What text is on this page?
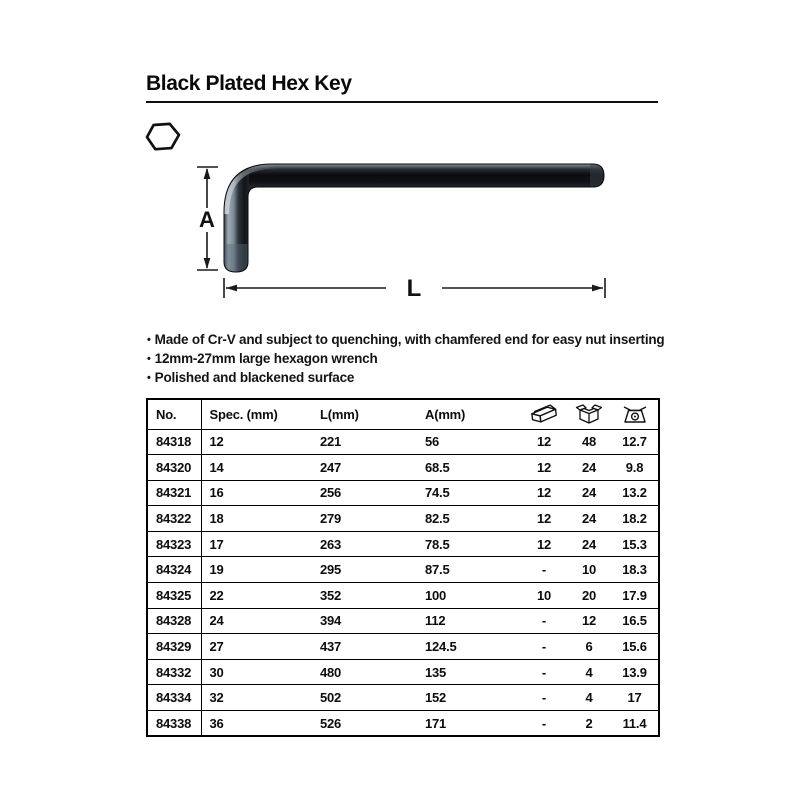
Black Plated Hex Key
A
L
• Made of Cr-V and subject to quenching, with chamfered end for easy nut inserting
• 12mm-27mm large hexagon wrench
• Polished and blackened surface
No.	Spec. (mm)	L(mm)	A(mm)	

84318	12	221	56	12	48	12.7
84320	14	247	68.5	12	24	9.8
84321	16	256	74.5	12	24	13.2
84322	18	279	82.5	12	24	18.2
84323	17	263	78.5	12	24	15.3
84324	19	295	87.5	-	10	18.3
84325	22	352	100	10	20	17.9
84328	24	394	112	-	12	16.5
84329	27	437	124.5	-	6	15.6
84332	30	480	135	-	4	13.9
84334	32	502	152	-	4	17
84338	36	526	171	-	2	11.4
